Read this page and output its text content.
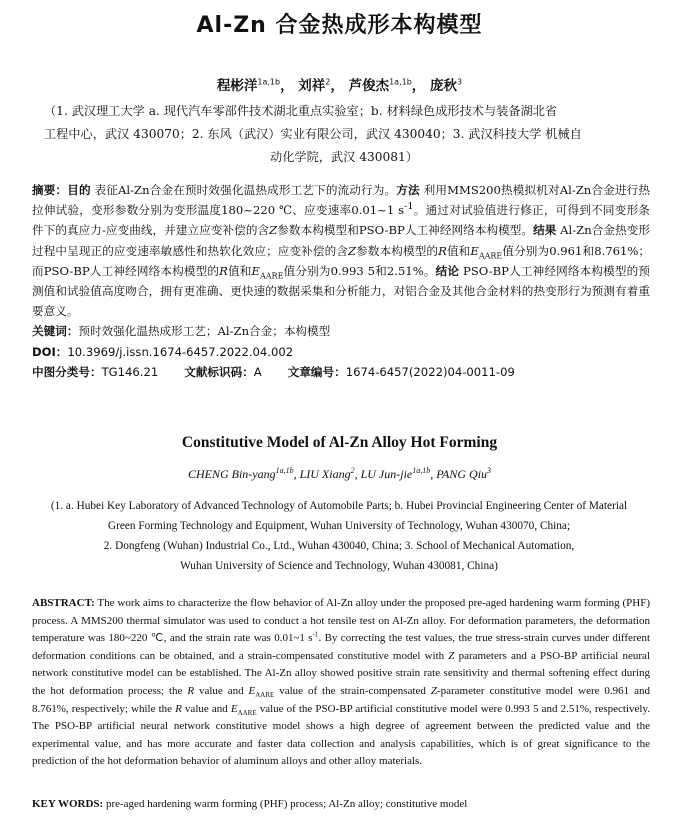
Al-Zn 合金热成形本构模型
程彬洋$^{1a,1b}$， 刘祥$^2$， 芦俊杰$^{1a,1b}$， 庞秋$^3$
（1. 武汉理工大学 a. 现代汽车零部件技术湖北重点实验室；b. 材料绿色成形技术与装备湖北省
工程中心，武汉 430070；2. 东风（武汉）实业有限公司，武汉 430040；3. 武汉科技大学 机械自
动化学院，武汉 430081）
摘要：目的 表征Al-Zn合金在预时效强化温热成形工艺下的流动行为。方法 利用MMS200热模拟机对Al-Zn合金进行热拉伸试验，变形参数分别为变形温度180~220 ℃、应变速率0.01~1 $s^{-1}$。通过对试验值进行修正，可得到不同变形条件下的真应力-应变曲线，并建立应变补偿的含Z参数本构模型和PSO-BP人工神经网络本构模型。结果 Al-Zn合金热变形过程中呈现正的应变速率敏感性和热软化效应；应变补偿的含Z参数本构模型的R值和$E_{AARE}$值分别为0.961和8.761%；而PSO-BP人工神经网络本构模型的R值和$E_{AARE}$值分别为0.993 5和2.51%。结论 PSO-BP人工神经网络本构模型的预测值和试验值高度吻合，拥有更准确、更快速的数据采集和分析能力，对铝合金及其他合金材料的热变形行为预测有着重要意义。
关键词：预时效强化温热成形工艺；Al-Zn合金；本构模型
DOI：10.3969/j.issn.1674-6457.2022.04.002
中图分类号：TG146.21 文献标识码：A 文章编号：1674-6457(2022)04-0011-09
Constitutive Model of Al-Zn Alloy Hot Forming
CHENG Bin-yang$^{1a,1b}$, LIU Xiang$^2$, LU Jun-jie$^{1a,1b}$, PANG Qiu$^3$
(1. a. Hubei Key Laboratory of Advanced Technology of Automobile Parts; b. Hubei Provincial Engineering Center of Material
Green Forming Technology and Equipment, Wuhan University of Technology, Wuhan 430070, China;
2. Dongfeng (Wuhan) Industrial Co., Ltd., Wuhan 430040, China; 3. School of Mechanical Automation,
Wuhan University of Science and Technology, Wuhan 430081, China)
ABSTRACT: The work aims to characterize the flow behavior of Al-Zn alloy under the proposed pre-aged hardening warm forming (PHF) process. A MMS200 thermal simulator was used to conduct a hot tensile test on Al-Zn alloy. For deformation parameters, the deformation temperature was 180~220 ℃, and the strain rate was 0.01~1 $s^{-1}$. By correcting the test values, the true stress-strain curves under different deformation conditions can be obtained, and a strain-compensated constitutive model with Z parameters and a PSO-BP artificial neural network constitutive model can be established. The Al-Zn alloy showed positive strain rate sensitivity and thermal softening effect during the hot deformation process; the R value and $E_{AARE}$ value of the strain-compensated Z-parameter constitutive model were 0.961 and 8.761%, respectively; while the R value and $E_{AARE}$ value of the PSO-BP artificial constitutive model were 0.993 5 and 2.51%, respectively. The PSO-BP artificial neural network constitutive model shows a high degree of agreement between the predicted value and the experimental value, and has more accurate and faster data collection and analysis capabilities, which is of great significance to the prediction of the hot deformation behavior of aluminum alloys and other alloy materials.
KEY WORDS: pre-aged hardening warm forming (PHF) process; Al-Zn alloy; constitutive model
